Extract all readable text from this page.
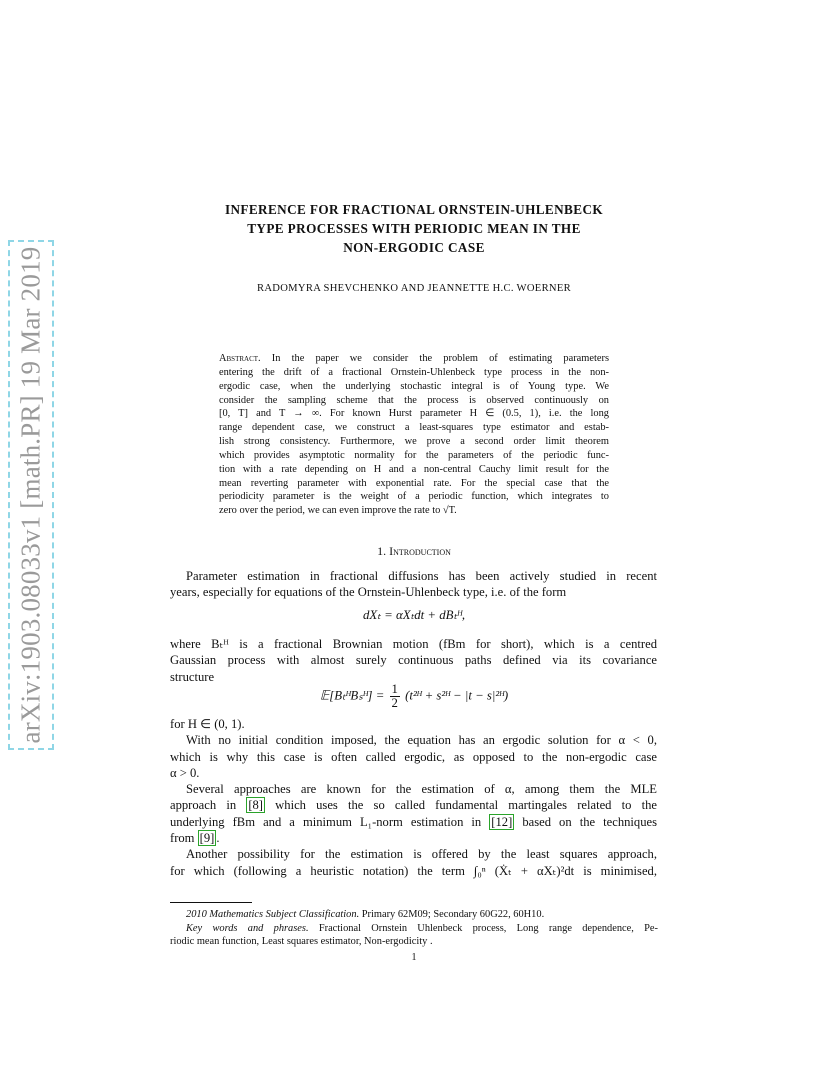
arXiv:1903.08033v1 [math.PR] 19 Mar 2019
INFERENCE FOR FRACTIONAL ORNSTEIN-UHLENBECK
TYPE PROCESSES WITH PERIODIC MEAN IN THE
NON-ERGODIC CASE
RADOMYRA SHEVCHENKO AND JEANNETTE H.C. WOERNER
Abstract. In the paper we consider the problem of estimating parameters
entering the drift of a fractional Ornstein-Uhlenbeck type process in the non-
ergodic case, when the underlying stochastic integral is of Young type. We
consider the sampling scheme that the process is observed continuously on
[0, T] and T → ∞. For known Hurst parameter H ∈ (0.5, 1), i.e. the long
range dependent case, we construct a least-squares type estimator and estab-
lish strong consistency. Furthermore, we prove a second order limit theorem
which provides asymptotic normality for the parameters of the periodic func-
tion with a rate depending on H and a non-central Cauchy limit result for the
mean reverting parameter with exponential rate. For the special case that the
periodicity parameter is the weight of a periodic function, which integrates to
zero over the period, we can even improve the rate to √T.
1. Introduction
Parameter estimation in fractional diffusions has been actively studied in recent
years, especially for equations of the Ornstein-Uhlenbeck type, i.e. of the form
dXₜ = αXₜdt + dBₜᴴ,
where Bₜᴴ is a fractional Brownian motion (fBm for short), which is a centred
Gaussian process with almost surely continuous paths defined via its covariance
structure
𝔼[BₜᴴBₛᴴ] = $\frac{1}{2}$ (t²ᴴ + s²ᴴ − |t − s|²ᴴ)
for H ∈ (0, 1).
With no initial condition imposed, the equation has an ergodic solution for α < 0,
which is why this case is often called ergodic, as opposed to the non-ergodic case
α > 0.
Several approaches are known for the estimation of α, among them the MLE
approach in [8] which uses the so called fundamental martingales related to the
underlying fBm and a minimum L₁-norm estimation in [12] based on the techniques
from [9] .
Another possibility for the estimation is offered by the least squares approach,
for which (following a heuristic notation) the term ∫₀ⁿ (Ẋₜ + αXₜ)²dt is minimised,
2010 Mathematics Subject Classification. Primary 62M09; Secondary 60G22, 60H10.
Key words and phrases. Fractional Ornstein Uhlenbeck process, Long range dependence, Pe-
riodic mean function, Least squares estimator, Non-ergodicity .
1
